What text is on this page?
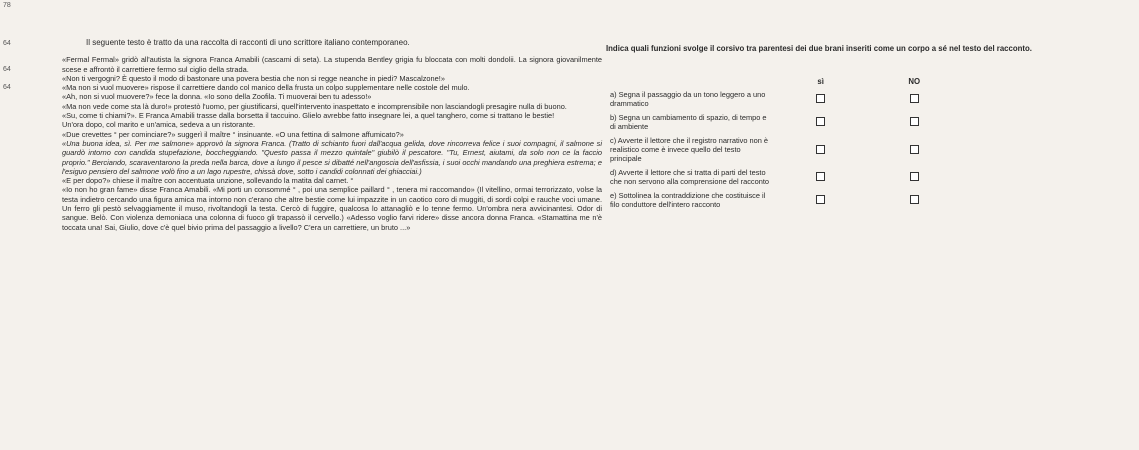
78
64
64
64
Il seguente testo è tratto da una raccolta di racconti di uno scrittore italiano contemporaneo.

«Fermal Fermal» gridò all'autista la signora Franca Amabili (cascami di seta). La stupenda Bentley grigia fu bloccata con molti dondolii. La signora giovanilmente scese e affrontò il carrettiere fermo sul ciglio della strada.

«Non ti vergogni? È questo il modo di bastonare una povera bestia che non si regge neanche in piedi? Mascalzone!»

«Ma non si vuol muovere» rispose il carrettiere dando col manico della frusta un colpo supplementare nelle costole del mulo.

«Ah, non si vuol muovere?» fece la donna. «Io sono della Zoofila. Ti muoverai ben tu adesso!»

«Ma non vede come sta là duro!» protestò l'uomo, per giustificarsi, quell'intervento inaspettato e incomprensibile non lasciandogli presagire nulla di buono.

«Su, come ti chiami?». E Franca Amabili trasse dalla borsetta il taccuino. Glielo avrebbe fatto insegnare lei, a quel tanghero, come si trattano le bestie!

Un'ora dopo, col marito e un'amica, sedeva a un ristorante.

«Due crevettes ° per cominciare?» suggerì il maître ° insinuante. «O una fettina di salmone affumicato?»

«Una buona idea, sì. Per me salmone» approvò la signora Franca. (Tratto di schianto fuori dall'acqua gelida, dove rincorreva felice i suoi compagni, il salmone si guardò intorno con candida stupefazione, boccheggiando. "Questo passa il mezzo quintale" giubilò il pescatore. "Tu, Ernest, aiutami, da solo non ce la faccio proprio." Berciando, scaraventarono la preda nella barca, dove a lungo il pesce si dibatté nell'angoscia dell'asfissia, i suoi occhi mandando una preghiera estrema; e l'esiguo pensiero del salmone volò fino a un lago rupestre, chissà dove, sotto i candidi colonnati dei ghiacciai.)

«E per dopo?» chiese il maître con accentuata unzione, sollevando la matita dal carnet. °

«Io non ho gran fame» disse Franca Amabili. «Mi porti un consommé ° , poi una semplice paillard ° , tenera mi raccomando» (Il vitellino, ormai terrorizzato, volse la testa indietro cercando una figura amica ma intorno non c'erano che altre bestie come lui impazzite in un caotico coro di muggiti, di sordi colpi e rauche voci umane. Un ferro gli pestò selvaggiamente il muso, rivoltandogli la testa. Cercò di fuggire, qualcosa lo attanagliò e lo tenne fermo. Un'ombra nera avvicinantesi. Odor di sangue. Belò. Con violenza demoniaca una colonna di fuoco gli trapassò il cervello.) «Adesso voglio farvi ridere» disse ancora donna Franca. «Stamattina me n'è toccata una! Sai, Giulio, dove c'è quel bivio prima del passaggio a livello? C'era un carrettiere, un bruto ...»

Indica quali funzioni svolge il corsivo tra parentesi dei due brani inseriti come un corpo a sé nel testo del racconto.
	sì	NO
a) Segna il passaggio da un tono leggero a uno drammatico		
b) Segna un cambiamento di spazio, di tempo e di ambiente		
c) Avverte il lettore che il registro narrativo non è realistico come è invece quello del testo principale		
d) Avverte il lettore che si tratta di parti del testo che non servono alla comprensione del racconto		
e) Sottolinea la contraddizione che costituisce il filo conduttore dell'intero racconto		
